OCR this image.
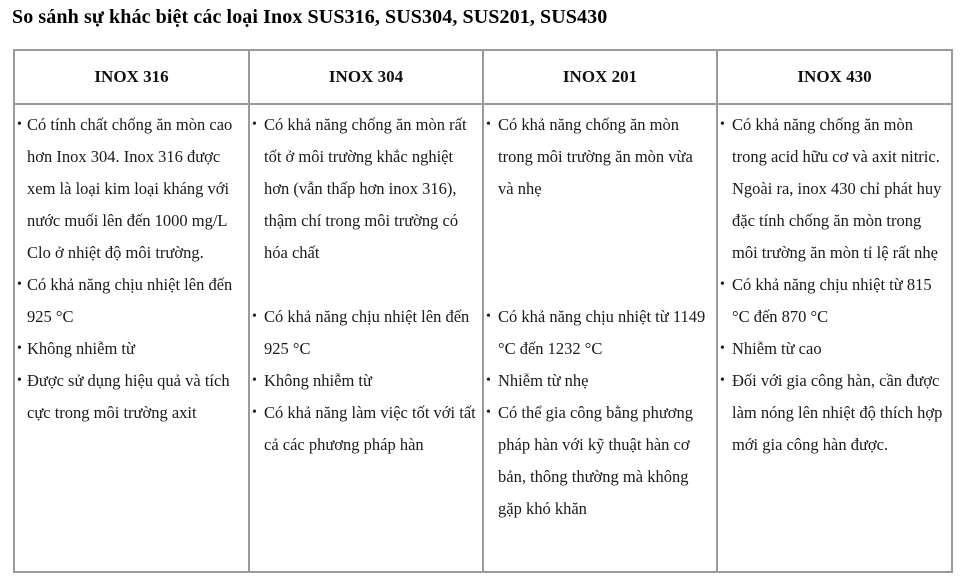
So sánh sự khác biệt các loại Inox SUS316, SUS304, SUS201, SUS430
INOX 316	INOX 304	INOX 201	INOX 430

• Có tính chất chống ăn mòn cao hơn Inox 304. Inox 316 được xem là loại kim loại kháng với nước muối lên đến 1000 mg/L Clo ở nhiệt độ môi trường.
• Có khả năng chịu nhiệt lên đến 925 °C
• Không nhiễm từ
• Được sử dụng hiệu quả và tích cực trong môi trường axit

• Có khả năng chống ăn mòn rất tốt ở môi trường khắc nghiệt hơn (vẫn thấp hơn inox 316), thậm chí trong môi trường có hóa chất
• Có khả năng chịu nhiệt lên đến 925 °C
• Không nhiễm từ
• Có khả năng làm việc tốt với tất cả các phương pháp hàn

• Có khả năng chống ăn mòn trong môi trường ăn mòn vừa và nhẹ
• Có khả năng chịu nhiệt từ 1149 °C đến 1232 °C
• Nhiễm từ nhẹ
• Có thể gia công bằng phương pháp hàn với kỹ thuật hàn cơ bản, thông thường mà không gặp khó khăn

• Có khả năng chống ăn mòn trong acid hữu cơ và axit nitric. Ngoài ra, inox 430 chỉ phát huy đặc tính chống ăn mòn trong môi trường ăn mòn tỉ lệ rất nhẹ
• Có khả năng chịu nhiệt từ 815 °C đến 870 °C
• Nhiễm từ cao
• Đối với gia công hàn, cần được làm nóng lên nhiệt độ thích hợp mới gia công hàn được.
